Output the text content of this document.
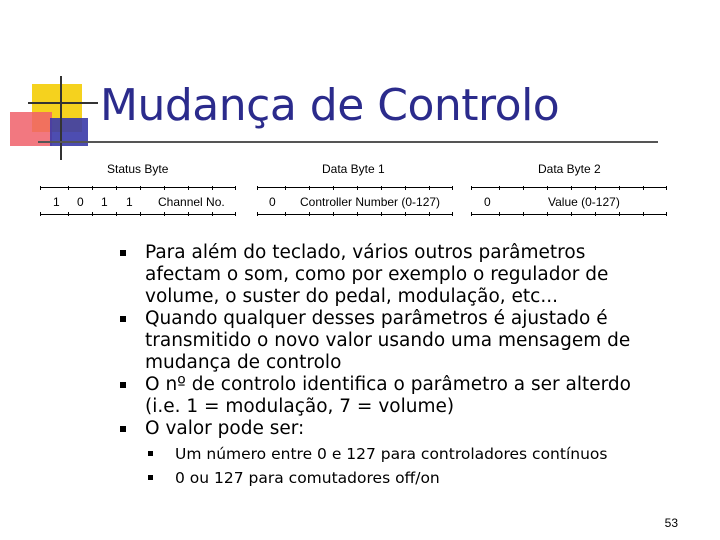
Mudança de Controlo
Status Byte	Data Byte 1	Data Byte 2
1 0 1 1 Channel No.	0 Controller Number (0-127)	0	Value (0-127)
Para além do teclado, vários outros parâmetros afectam o som, como por exemplo o regulador de volume, o suster do pedal, modulação, etc...
Quando qualquer desses parâmetros é ajustado é transmitido o novo valor usando uma mensagem de mudança de controlo
O nº de controlo identifica o parâmetro a ser alterdo (i.e. 1 = modulação, 7 = volume)
O valor pode ser:
Um número entre 0 e 127 para controladores contínuos
0 ou 127 para comutadores off/on
53
